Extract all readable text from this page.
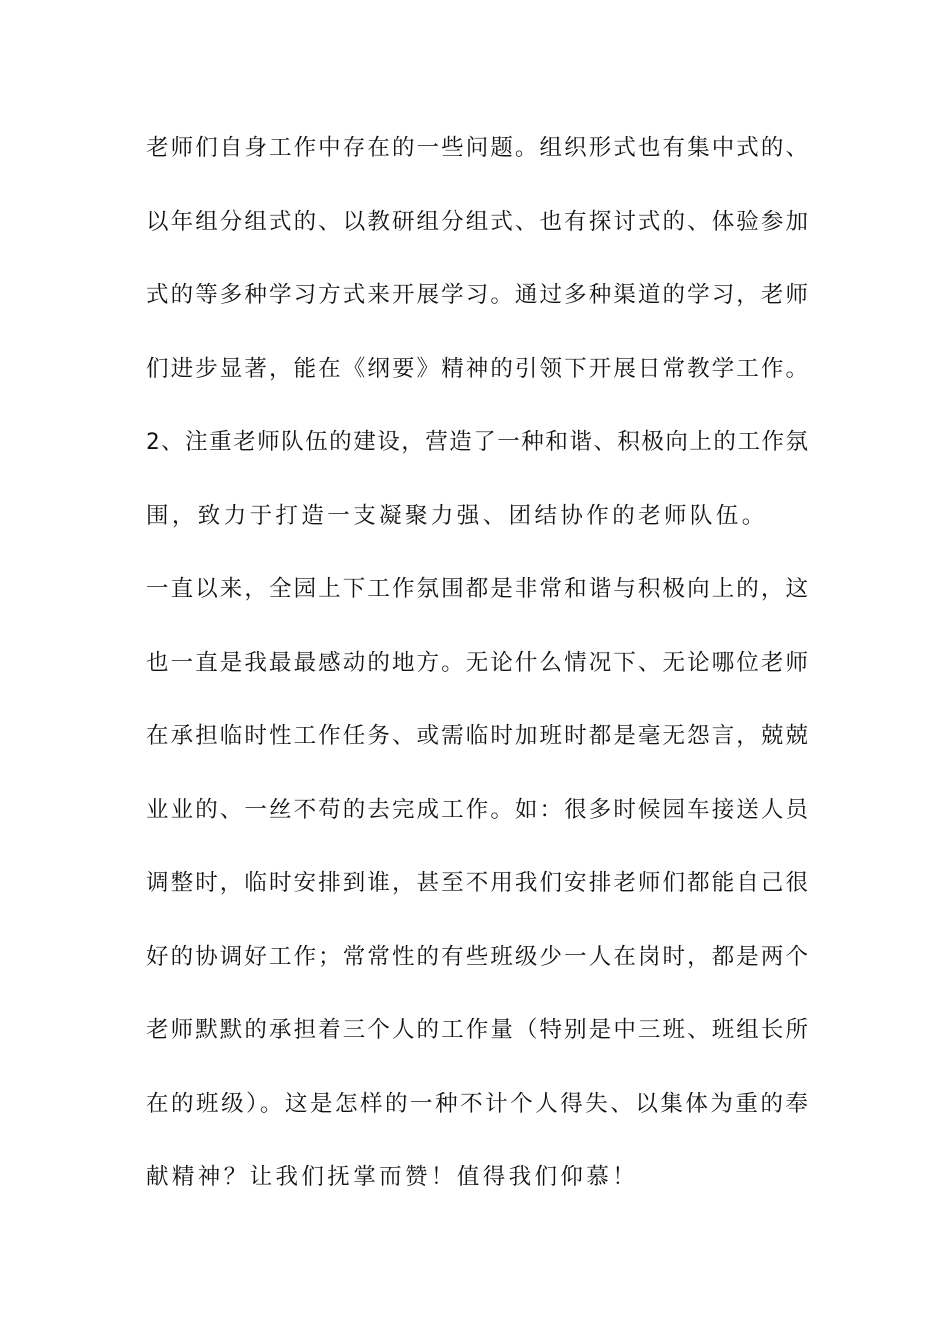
老师们自身工作中存在的一些问题。组织形式也有集中式的、
以年组分组式的、以教研组分组式、也有探讨式的、体验参加
式的等多种学习方式来开展学习。通过多种渠道的学习，老师
们进步显著，能在《纲要》精神的引领下开展日常教学工作。
2、注重老师队伍的建设，营造了一种和谐、积极向上的工作氛
围，致力于打造一支凝聚力强、团结协作的老师队伍。
一直以来，全园上下工作氛围都是非常和谐与积极向上的，这
也一直是我最最感动的地方。无论什么情况下、无论哪位老师
在承担临时性工作任务、或需临时加班时都是毫无怨言，兢兢
业业的、一丝不苟的去完成工作。如：很多时候园车接送人员
调整时，临时安排到谁，甚至不用我们安排老师们都能自己很
好的协调好工作；常常性的有些班级少一人在岗时，都是两个
老师默默的承担着三个人的工作量（特别是中三班、班组长所
在的班级）。这是怎样的一种不计个人得失、以集体为重的奉
献精神？让我们抚掌而赞！值得我们仰慕！
